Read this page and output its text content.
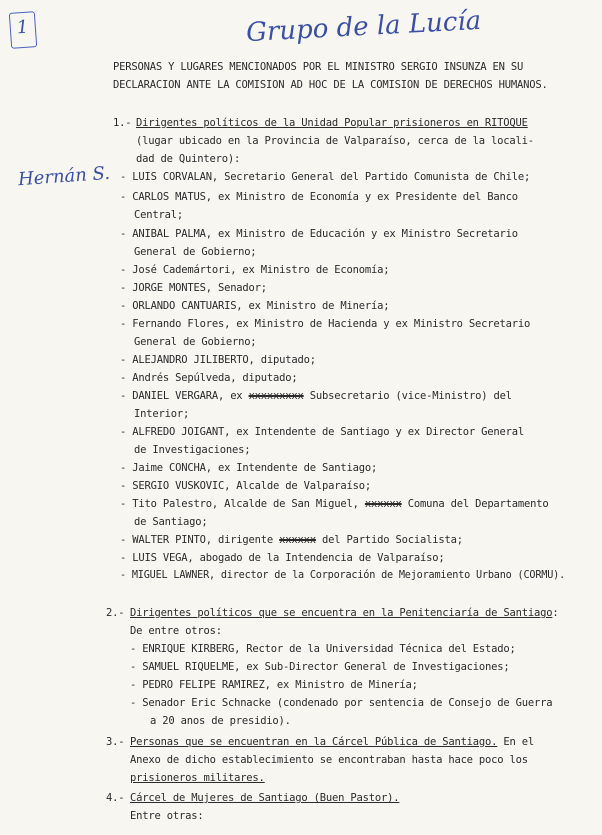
1	Grupo de la Lucía
Hernán S.
PERSONAS Y LUGARES MENCIONADOS POR EL MINISTRO SERGIO INSUNZA EN SU
DECLARACION ANTE LA COMISION AD HOC DE LA COMISION DE DERECHOS HUMANOS.
1.- Dirigentes políticos de la Unidad Popular prisioneros en RITOQUE
(lugar ubicado en la Provincia de Valparaíso, cerca de la locali-
dad de Quintero):
- LUIS CORVALAN, Secretario General del Partido Comunista de Chile;
- CARLOS MATUS, ex Ministro de Economía y ex Presidente del Banco
Central;
- ANIBAL PALMA, ex Ministro de Educación y ex Ministro Secretario
General de Gobierno;
- José Cademártori, ex Ministro de Economía;
- JORGE MONTES, Senador;
- ORLANDO CANTUARIS, ex Ministro de Minería;
- Fernando Flores, ex Ministro de Hacienda y ex Ministro Secretario
General de Gobierno;
- ALEJANDRO JILIBERTO, diputado;
- Andrés Sepúlveda, diputado;
- DANIEL VERGARA, ex xxxxxxxxx Subsecretario (vice-Ministro) del
Interior;
- ALFREDO JOIGANT, ex Intendente de Santiago y ex Director General
de Investigaciones;
- Jaime CONCHA, ex Intendente de Santiago;
- SERGIO VUSKOVIC, Alcalde de Valparaíso;
- Tito Palestro, Alcalde de San Miguel, xxxxxx Comuna del Departamento
de Santiago;
- WALTER PINTO, dirigente xxxxxx del Partido Socialista;
- LUIS VEGA, abogado de la Intendencia de Valparaíso;
- MIGUEL LAWNER, director de la Corporación de Mejoramiento Urbano (CORMU).
2.- Dirigentes políticos que se encuentra en la Penitenciaría de Santiago:
De entre otros:
- ENRIQUE KIRBERG, Rector de la Universidad Técnica del Estado;
- SAMUEL RIQUELME, ex Sub-Director General de Investigaciones;
- PEDRO FELIPE RAMIREZ, ex Ministro de Minería;
- Senador Eric Schnacke (condenado por sentencia de Consejo de Guerra
a 20 anos de presidio).
3.- Personas que se encuentran en la Cárcel Pública de Santiago. En el
Anexo de dicho establecimiento se encontraban hasta hace poco los
prisioneros militares.
4.- Cárcel de Mujeres de Santiago (Buen Pastor).
Entre otras:
